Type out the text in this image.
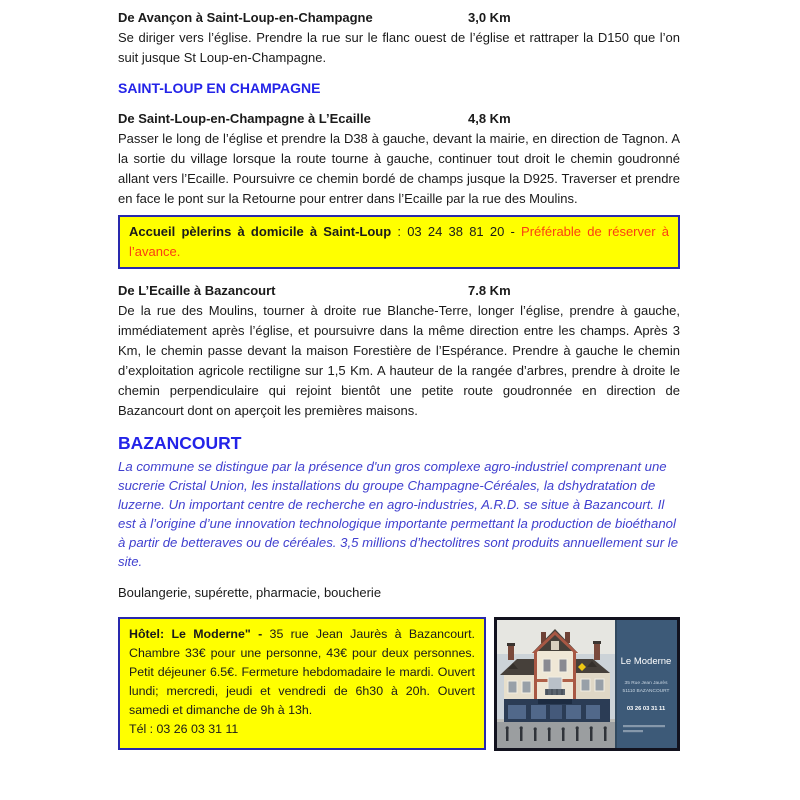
De Avançon à Saint-Loup-en-Champagne	3,0 Km

Se diriger vers l’église. Prendre la rue sur le flanc ouest de l’église et rattraper la D150 que l’on suit jusque St Loup-en-Champagne.

SAINT-LOUP EN CHAMPAGNE
De Saint-Loup-en-Champagne à L’Ecaille	4,8 Km

Passer le long de l’église et prendre la D38 à gauche, devant la mairie, en direction de Tagnon. A la sortie du village lorsque la route tourne à gauche, continuer tout droit le chemin goudronné allant vers l’Ecaille. Poursuivre ce chemin bordé de champs jusque la D925. Traverser et prendre en face le pont sur la Retourne pour entrer dans l’Ecaille par la rue des Moulins.

Accueil pèlerins à domicile à Saint-Loup : 03 24 38 81 20 - Préférable de réserver à l’avance.
De L’Ecaille à Bazancourt	7.8 Km

De la rue des Moulins, tourner à droite rue Blanche-Terre, longer l’église, prendre à gauche, immédiatement après l’église, et poursuivre dans la même direction entre les champs. Après 3 Km, le chemin passe devant la maison Forestière de l’Espérance. Prendre à gauche le chemin d’exploitation agricole rectiligne sur 1,5 Km. A hauteur de la rangée d’arbres, prendre à droite le chemin perpendiculaire qui rejoint bientôt une petite route goudronnée en direction de Bazancourt dont on aperçoit les premières maisons.

BAZANCOURT

La commune se distingue par la présence d'un gros complexe agro-industriel comprenant une sucrerie Cristal Union, les installations du groupe Champagne-Céréales, la dshydratation de luzerne. Un important centre de recherche en agro-industries, A.R.D. se situe à Bazancourt. Il est à l’origine d’une innovation technologique importante permettant la production de bioéthanol à partir de betteraves ou de céréales. 3,5 millions d’hectolitres sont produits annuellement sur le site.

Boulangerie, supérette, pharmacie, boucherie

Hôtel: Le Moderne" - 35 rue Jean Jaurès à Bazancourt. Chambre 33€ pour une personne, 43€ pour deux personnes. Petit déjeuner 6.5€. Fermeture hebdomadaire le mardi. Ouvert lundi; mercredi, jeudi et vendredi de 6h30 à 20h. Ouvert samedi et dimanche de 9h à 13h.
Tél : 03 26 03 31 11
Le Moderne
35 Rue Jean Jaurès
51110 BAZANCOURT
03 26 03 31 11
